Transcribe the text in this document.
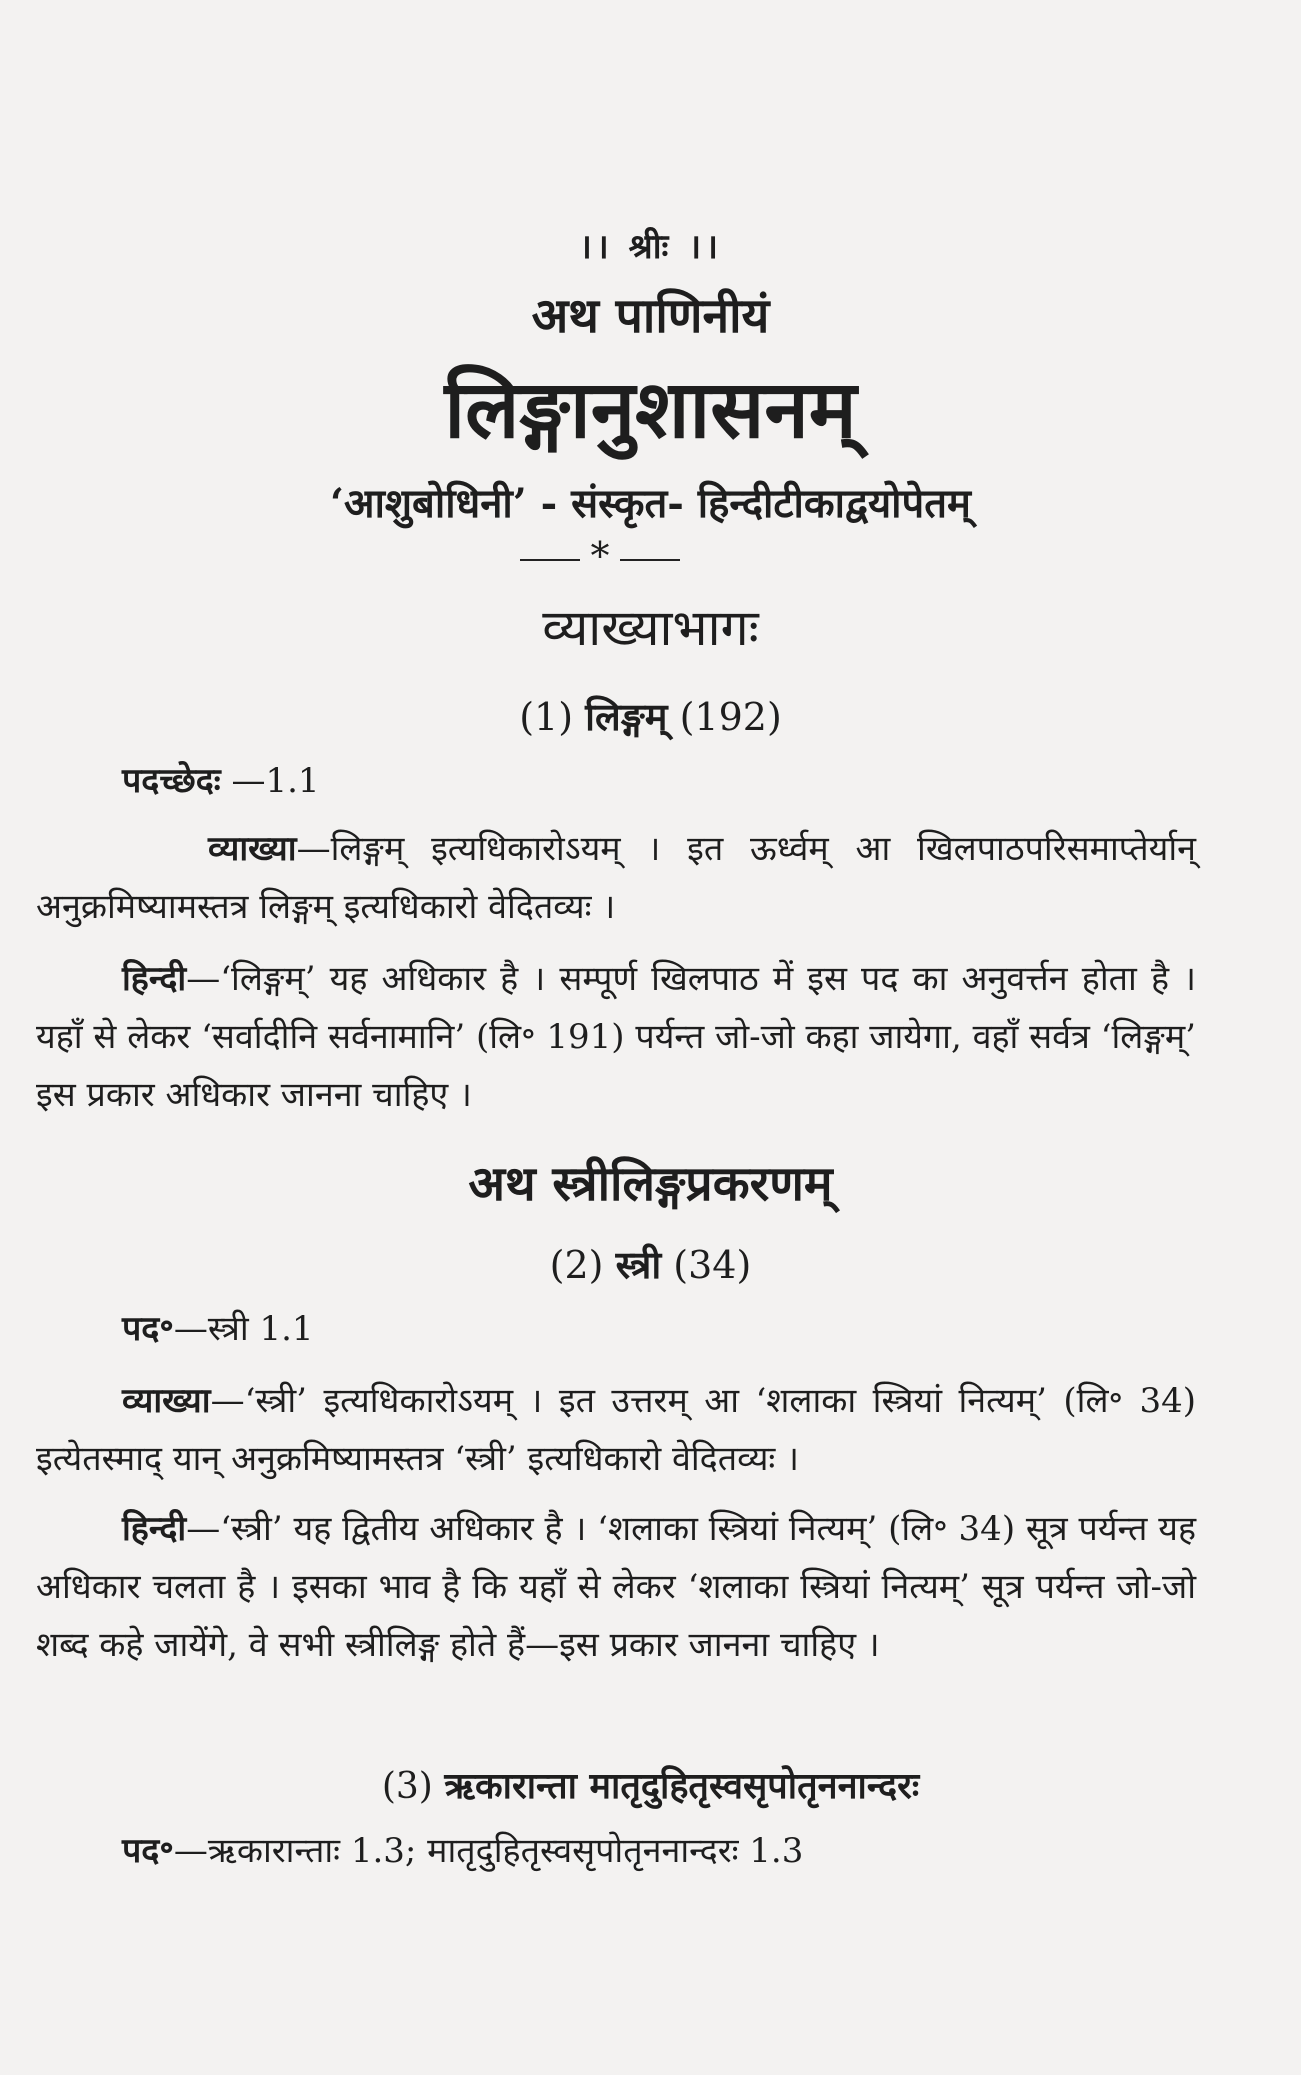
।। श्रीः ।।
अथ पाणिनीयं
लिङ्गानुशासनम्
‘आशुबोधिनी’ - संस्कृत- हिन्दीटीकाद्वयोपेतम्
*
व्याख्याभागः
(1) लिङ्गम् (192)
पदच्छेदः —1.1
व्याख्या—लिङ्गम् इत्यधिकारोऽयम् । इत ऊर्ध्वम् आ खिलपाठपरिसमाप्तेर्यान् अनुक्रमिष्यामस्तत्र लिङ्गम् इत्यधिकारो वेदितव्यः ।
हिन्दी—‘लिङ्गम्’ यह अधिकार है । सम्पूर्ण खिलपाठ में इस पद का अनुवर्त्तन होता है । यहाँ से लेकर ‘सर्वादीनि सर्वनामानि’ (लि॰ 191) पर्यन्त जो-जो कहा जायेगा, वहाँ सर्वत्र ‘लिङ्गम्’ इस प्रकार अधिकार जानना चाहिए ।
अथ स्त्रीलिङ्गप्रकरणम्
(2) स्त्री (34)
पद॰—स्त्री 1.1
व्याख्या—‘स्त्री’ इत्यधिकारोऽयम् । इत उत्तरम् आ ‘शलाका स्त्रियां नित्यम्’ (लि॰ 34) इत्येतस्माद् यान् अनुक्रमिष्यामस्तत्र ‘स्त्री’ इत्यधिकारो वेदितव्यः ।
हिन्दी—‘स्त्री’ यह द्वितीय अधिकार है । ‘शलाका स्त्रियां नित्यम्’ (लि॰ 34) सूत्र पर्यन्त यह अधिकार चलता है । इसका भाव है कि यहाँ से लेकर ‘शलाका स्त्रियां नित्यम्’ सूत्र पर्यन्त जो-जो शब्द कहे जायेंगे, वे सभी स्त्रीलिङ्ग होते हैं—इस प्रकार जानना चाहिए ।
(3) ऋकारान्ता मातृदुहितृस्वसृपोतृननान्दरः
पद॰—ऋकारान्ताः 1.3; मातृदुहितृस्वसृपोतृननान्दरः 1.3
